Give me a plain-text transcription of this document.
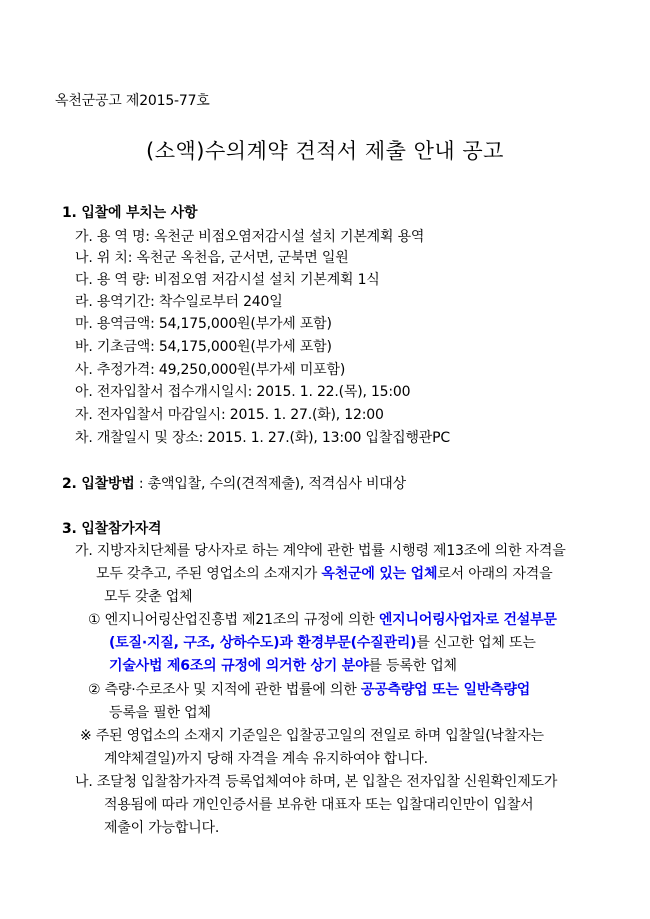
옥천군공고 제2015-77호
(소액)수의계약 견적서 제출 안내 공고
1. 입찰에 부치는 사항
가. 용 역 명: 옥천군 비점오염저감시설 설치 기본계획 용역
나. 위 치: 옥천군 옥천읍, 군서면, 군북면 일원
다. 용 역 량: 비점오염 저감시설 설치 기본계획 1식
라. 용역기간: 착수일로부터 240일
마. 용역금액: 54,175,000원(부가세 포함)
바. 기초금액: 54,175,000원(부가세 포함)
사. 추정가격: 49,250,000원(부가세 미포함)
아. 전자입찰서 접수개시일시: 2015. 1. 22.(목), 15:00
자. 전자입찰서 마감일시: 2015. 1. 27.(화), 12:00
차. 개찰일시 및 장소: 2015. 1. 27.(화), 13:00 입찰집행관PC
2. 입찰방법 : 총액입찰, 수의(견적제출), 적격심사 비대상
3. 입찰참가자격
가. 지방자치단체를 당사자로 하는 계약에 관한 법률 시행령 제13조에 의한 자격을
모두 갖추고, 주된 영업소의 소재지가 옥천군에 있는 업체로서 아래의 자격을
모두 갖춘 업체
① 엔지니어링산업진흥법 제21조의 규정에 의한 엔지니어링사업자로 건설부문
(토질·지질, 구조, 상하수도)과 환경부문(수질관리)를 신고한 업체 또는
기술사법 제6조의 규정에 의거한 상기 분야를 등록한 업체
② 측량·수로조사 및 지적에 관한 법률에 의한 공공측량업 또는 일반측량업
등록을 필한 업체
※ 주된 영업소의 소재지 기준일은 입찰공고일의 전일로 하며 입찰일(낙찰자는
계약체결일)까지 당해 자격을 계속 유지하여야 합니다.
나. 조달청 입찰참가자격 등록업체여야 하며, 본 입찰은 전자입찰 신원확인제도가
적용됨에 따라 개인인증서를 보유한 대표자 또는 입찰대리인만이 입찰서
제출이 가능합니다.
